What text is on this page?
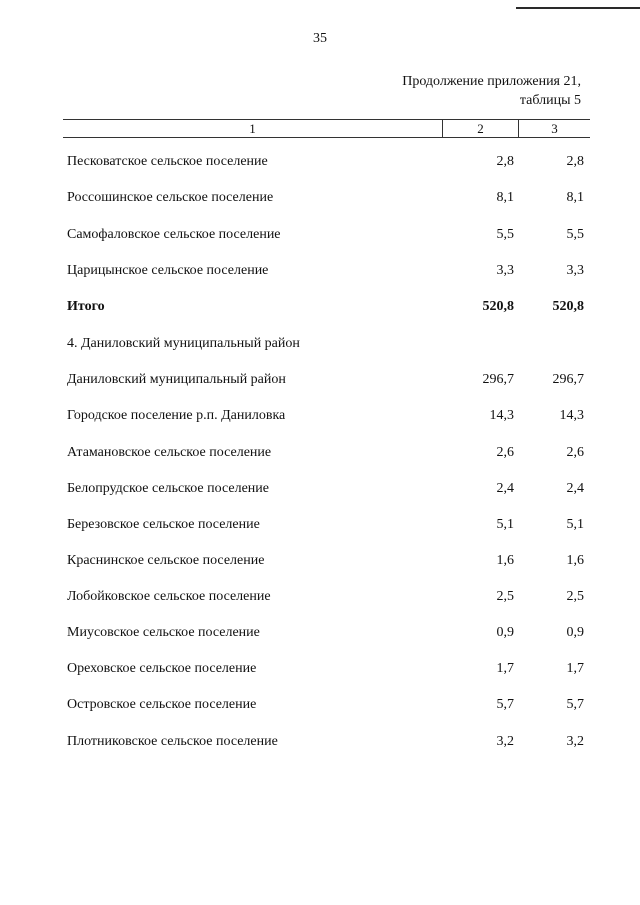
35
Продолжение приложения 21,
таблицы 5
1	2	3
Песковатское сельское поселение	2,8	2,8
Россошинское сельское поселение	8,1	8,1
Самофаловское сельское поселение	5,5	5,5
Царицынское сельское поселение	3,3	3,3
Итого	520,8	520,8
4. Даниловский муниципальный район
Даниловский муниципальный район	296,7	296,7
Городское поселение р.п. Даниловка	14,3	14,3
Атамановское сельское поселение	2,6	2,6
Белопрудское сельское поселение	2,4	2,4
Березовское сельское поселение	5,1	5,1
Краснинское сельское поселение	1,6	1,6
Лобойковское сельское поселение	2,5	2,5
Миусовское сельское поселение	0,9	0,9
Ореховское сельское поселение	1,7	1,7
Островское сельское поселение	5,7	5,7
Плотниковское сельское поселение	3,2	3,2
